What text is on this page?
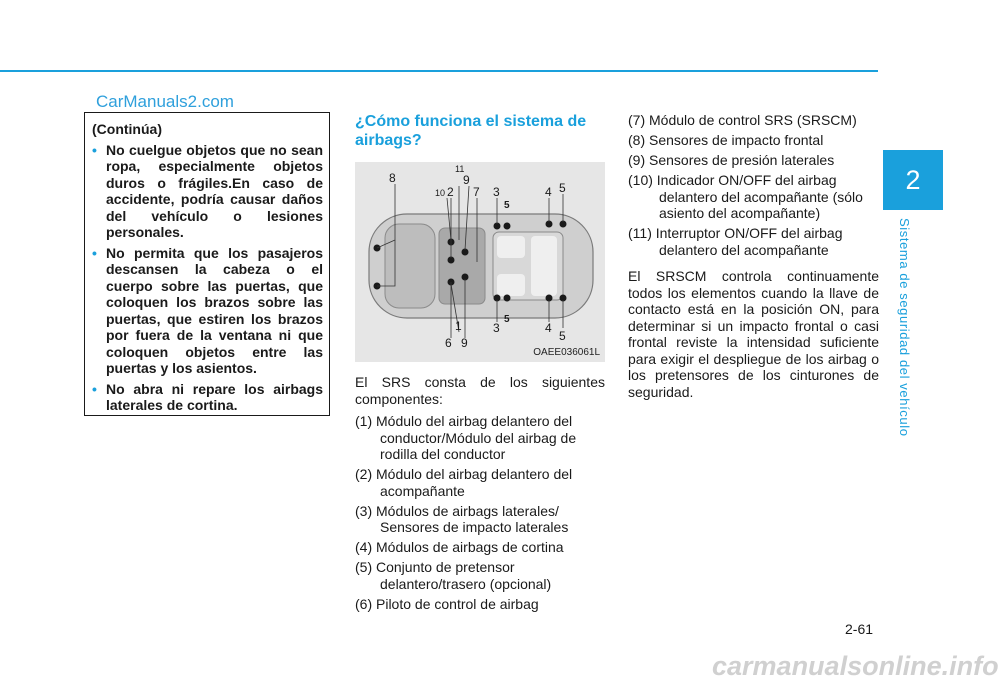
CarManuals2.com
2
Sistema de seguridad del vehículo

(Continúa)

• No cuelgue objetos que no sean ropa, especialmente objetos duros o frágiles.En caso de accidente, podría causar daños del vehículo o lesiones personales.
• No permita que los pasajeros descansen la cabeza o el cuerpo sobre las puertas, que coloquen los brazos sobre las puertas, que estiren los brazos por fuera de la ventana ni que coloquen objetos entre las puertas y los asientos.
• No abra ni repare los airbags laterales de cortina.
¿Cómo funciona el sistema de airbags?
8
11
9
10 2 7 3
5
4 5
1	5
3	4
5
6 9
OAEE036061L

El SRS consta de los siguientes componentes:

(1) Módulo del airbag delantero del conductor/Módulo del airbag de rodilla del conductor
(2) Módulo del airbag delantero del acompañante
(3) Módulos de airbags laterales/ Sensores de impacto laterales
(4) Módulos de airbags de cortina
(5) Conjunto de pretensor delantero/trasero (opcional)
(6) Piloto de control de airbag
(7) Módulo de control SRS (SRSCM)
(8) Sensores de impacto frontal
(9) Sensores de presión laterales
(10) Indicador ON/OFF del airbag delantero del acompañante (sólo asiento del acompañante)
(11) Interruptor ON/OFF del airbag delantero del acompañante

El SRSCM controla continuamente todos los elementos cuando la llave de contacto está en la posición ON, para determinar si un impacto frontal o casi frontal reviste la intensidad suficiente para exigir el despliegue de los airbag o los pretensores de los cinturones de seguridad.

2-61
carmanualsonline.info
